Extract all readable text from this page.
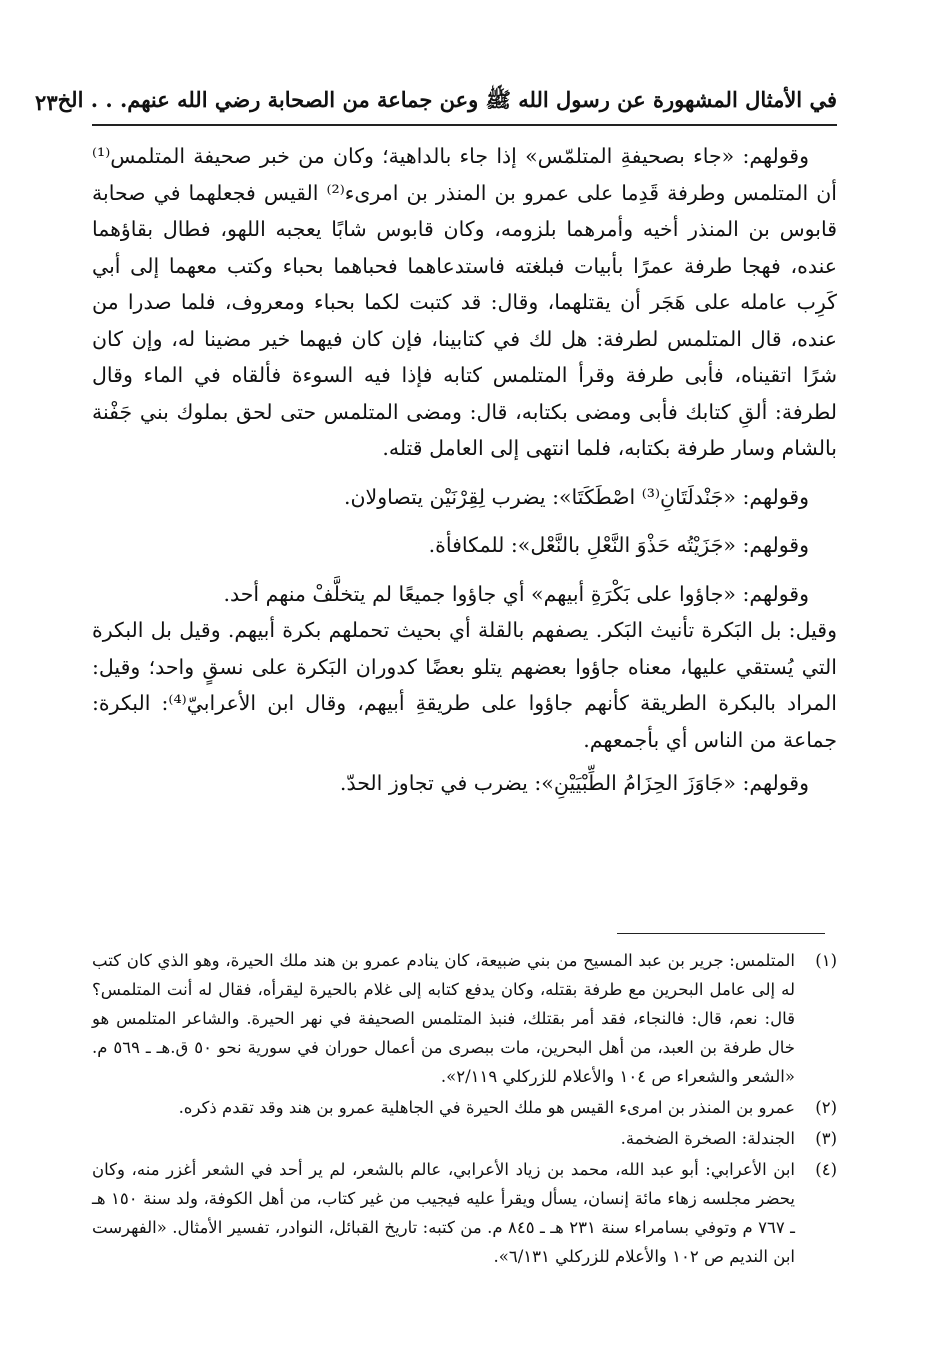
في الأمثال المشهورة عن رسول الله ﷺ وعن جماعة من الصحابة رضي الله عنهم. . . الخ
٢٣

وقولهم: «جاء بصحيفةِ المتلمّس» إذا جاء بالداهية؛ وكان من خبر صحيفة المتلمس⁽¹⁾ أن المتلمس وطرفة قَدِما على عمرو بن المنذر بن امرىء⁽²⁾ القيس فجعلهما في صحابة قابوس بن المنذر أخيه وأمرهما بلزومه، وكان قابوس شابًا يعجبه اللهو، فطال بقاؤهما عنده، فهجا طرفة عمرًا بأبيات فبلغته فاستدعاهما فحباهما بحباء وكتب معهما إلى أبي كَرِب عامله على هَجَر أن يقتلهما، وقال: قد كتبت لكما بحباء ومعروف، فلما صدرا من عنده، قال المتلمس لطرفة: هل لك في كتابينا، فإن كان فيهما خير مضينا له، وإن كان شرًا اتقيناه، فأبى طرفة وقرأ المتلمس كتابه فإذا فيه السوءة فألقاه في الماء وقال لطرفة: ألقِ كتابك فأبى ومضى بكتابه، قال: ومضى المتلمس حتى لحق بملوك بني جَفْنة بالشام وسار طرفة بكتابه، فلما انتهى إلى العامل قتله.

وقولهم: «جَنْدلَتَانِ⁽³⁾ اصْطَكَتَا»: يضرب لِقِرْنَيْن يتصاولان.

وقولهم: «جَزَيْتُه حَذْوَ النَّعْلِ بالنَّعْل»: للمكافأة.

وقولهم: «جاؤوا على بَكْرَةِ أبيهم» أي جاؤوا جميعًا لم يتخلَّفْ منهم أحد.

وقيل: بل البَكرة تأنيث البَكر. يصفهم بالقلة أي بحيث تحملهم بكرة أبيهم. وقيل بل البكرة التي يُستقي عليها، معناه جاؤوا بعضهم يتلو بعضًا كدوران البَكرة على نسقٍ واحد؛ وقيل: المراد بالبكرة الطريقة كأنهم جاؤوا على طريقةِ أبيهم، وقال ابن الأعرابيّ⁽⁴⁾: البكرة: جماعة من الناس أي بأجمعهم.

وقولهم: «جَاوَزَ الحِزَامُ الطِّبْيَيْنِ»: يضرب في تجاوز الحدّ.

(١)
المتلمس: جرير بن عبد المسيح من بني ضبيعة، كان ينادم عمرو بن هند ملك الحيرة، وهو الذي كان كتب له إلى عامل البحرين مع طرفة بقتله، وكان يدفع كتابه إلى غلام بالحيرة ليقرأه، فقال له أنت المتلمس؟ قال: نعم، قال: فالنجاء، فقد أمر بقتلك، فنبذ المتلمس الصحيفة في نهر الحيرة. والشاعر المتلمس هو خال طرفة بن العبد، من أهل البحرين، مات ببصرى من أعمال حوران في سورية نحو ٥٠ ق.هـ ـ ٥٦٩ م. «الشعر والشعراء ص ١٠٤ والأعلام للزركلي ٢/١١٩».
(٢)
عمرو بن المنذر بن امرىء القيس هو ملك الحيرة في الجاهلية عمرو بن هند وقد تقدم ذكره.
(٣)
الجندلة: الصخرة الضخمة.
(٤)
ابن الأعرابي: أبو عبد الله، محمد بن زياد الأعرابي، عالم بالشعر، لم ير أحد في الشعر أغزر منه، وكان يحضر مجلسه زهاء مائة إنسان، يسأل ويقرأ عليه فيجيب من غير كتاب، من أهل الكوفة، ولد سنة ١٥٠ هـ ـ ٧٦٧ م وتوفي بسامراء سنة ٢٣١ هـ ـ ٨٤٥ م. من كتبه: تاريخ القبائل، النوادر، تفسير الأمثال. «الفهرست ابن النديم ص ١٠٢ والأعلام للزركلي ٦/١٣١».
